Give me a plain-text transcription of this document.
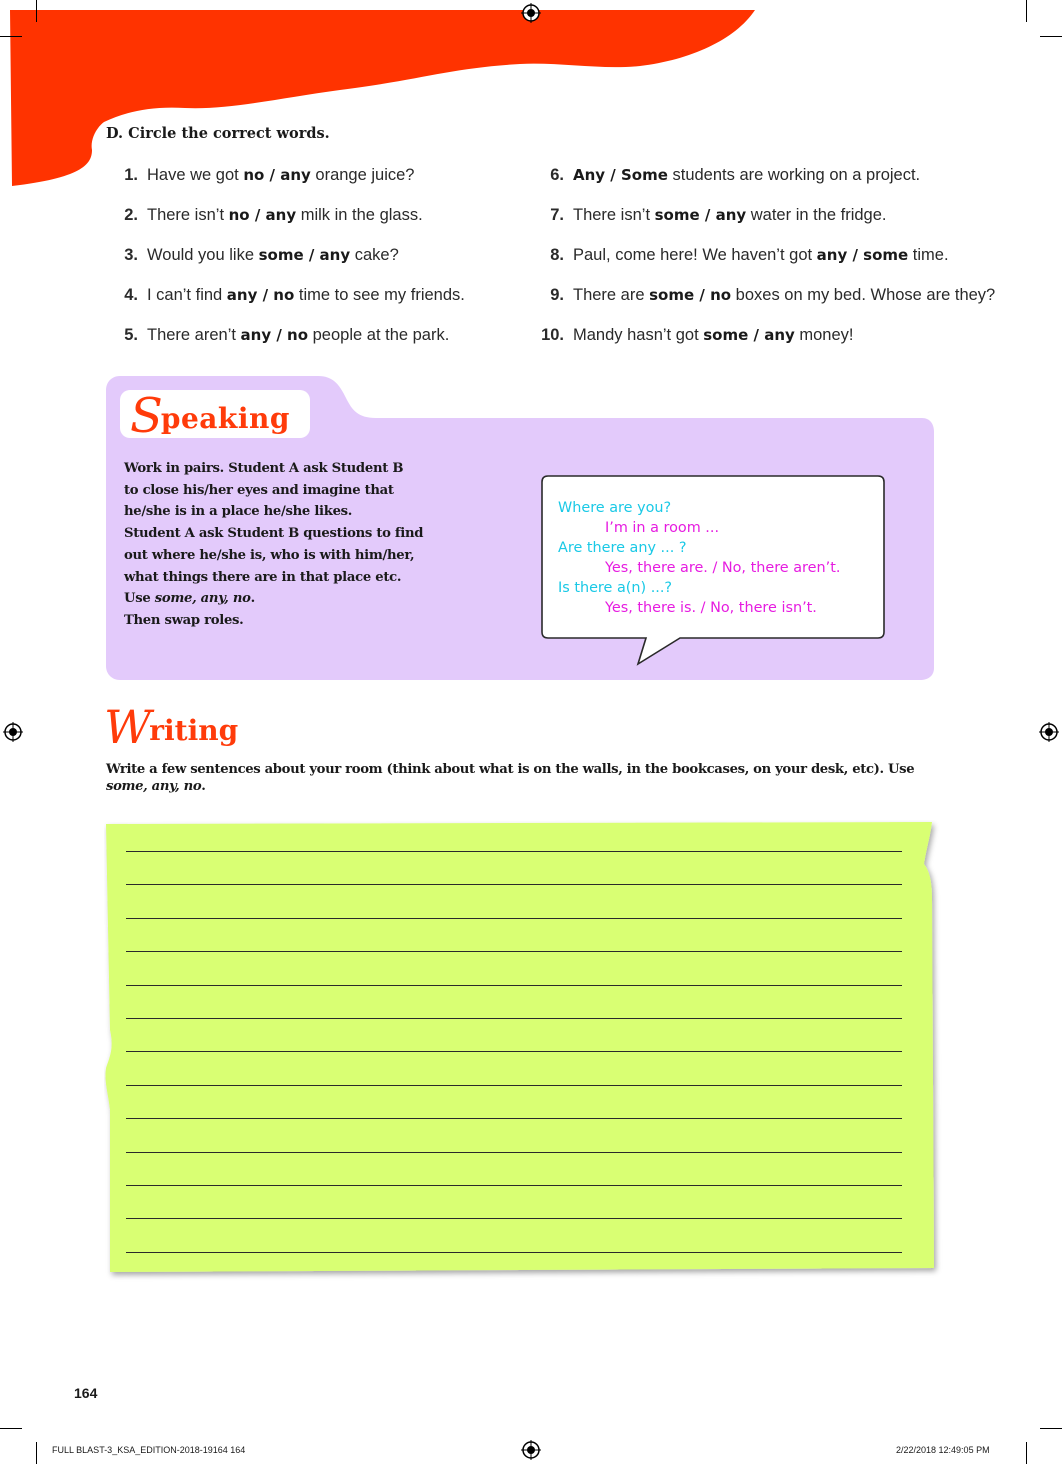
D. Circle the correct words.
1. Have we got no / any orange juice?
2. There isn’t no / any milk in the glass.
3. Would you like some / any cake?
4. I can’t find any / no time to see my friends.
5. There aren’t any / no people at the park.
6. Any / Some students are working on a project.
7. There isn’t some / any water in the fridge.
8. Paul, come here! We haven’t got any / some time.
9. There are some / no boxes on my bed. Whose are they?
10. Mandy hasn’t got some / any money!
Speaking
Work in pairs. Student A ask Student B
to close his/her eyes and imagine that
he/she is in a place he/she likes.
Student A ask Student B questions to find
out where he/she is, who is with him/her,
what things there are in that place etc.
Use some, any, no.
Then swap roles.
Where are you?
I’m in a room ...
Are there any ... ?
Yes, there are. / No, there aren’t.
Is there a(n) ...?
Yes, there is. / No, there isn’t.
Writing
Write a few sentences about your room (think about what is on the walls, in the bookcases, on your desk, etc). Use some, any, no.
164
FULL BLAST-3_KSA_EDITION-2018-19164 164	2/22/2018 12:49:05 PM
